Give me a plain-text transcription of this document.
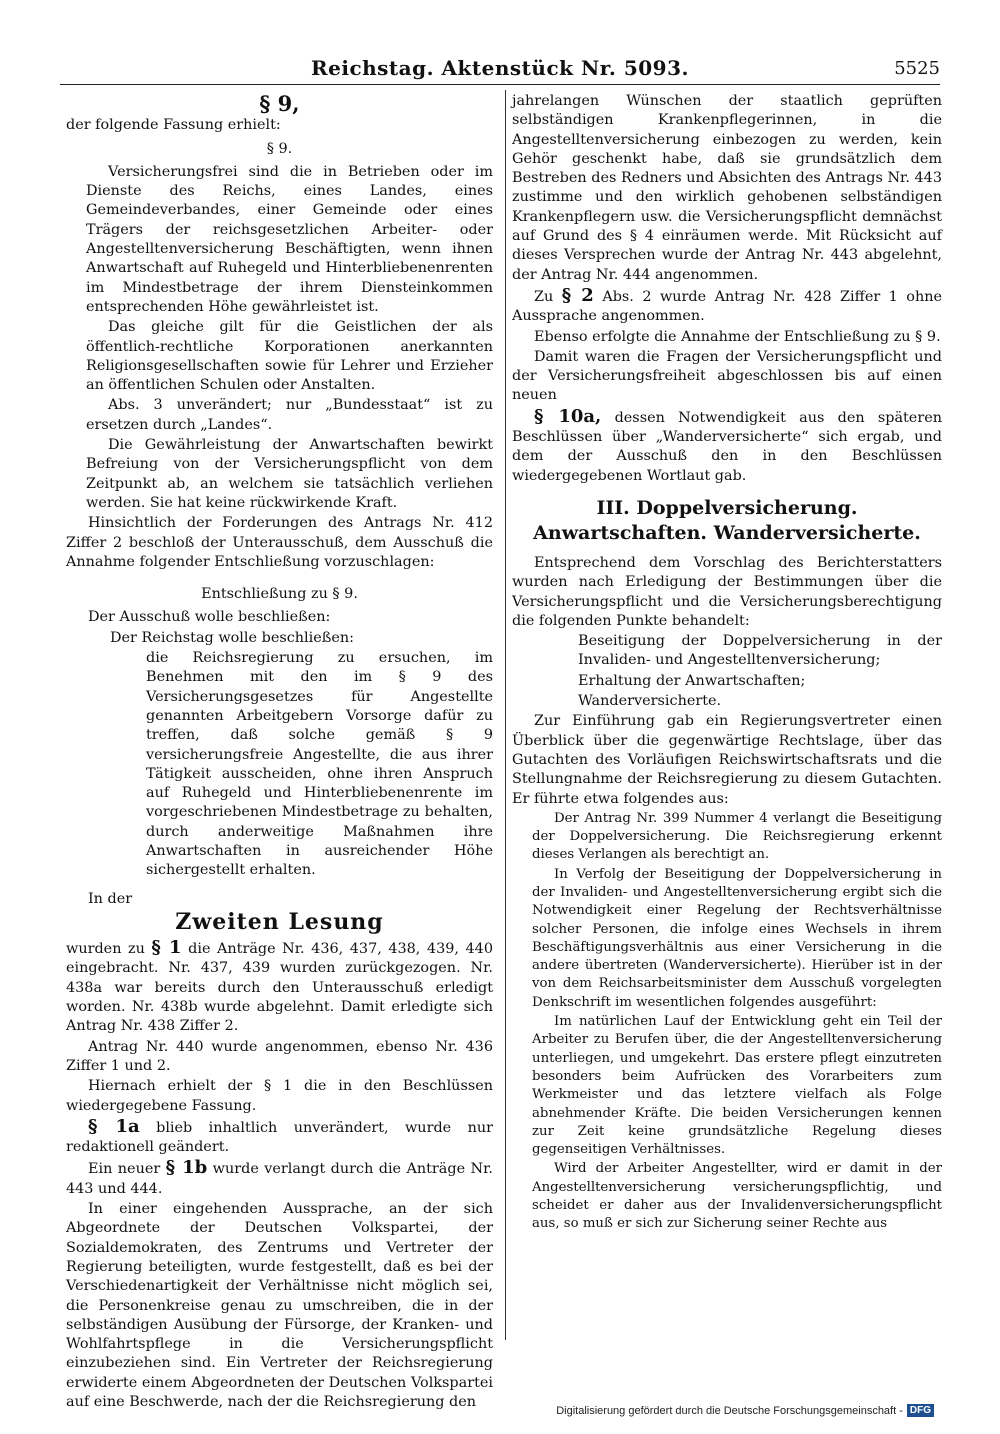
Reichstag. Aktenstück Nr. 5093.	5525

§ 9,

der folgende Fassung erhielt:

§ 9.

Versicherungsfrei sind die in Betrieben oder im Dienste des Reichs, eines Landes, eines Gemeindeverbandes, einer Gemeinde oder eines Trägers der reichsgesetzlichen Arbeiter- oder Angestelltenversicherung Beschäftigten, wenn ihnen Anwartschaft auf Ruhegeld und Hinterbliebenenrenten im Mindestbetrage der ihrem Diensteinkommen entsprechenden Höhe gewährleistet ist.

Das gleiche gilt für die Geistlichen der als öffentlich-rechtliche Korporationen anerkannten Religionsgesellschaften sowie für Lehrer und Erzieher an öffentlichen Schulen oder Anstalten.

Abs. 3 unverändert; nur „Bundesstaat“ ist zu ersetzen durch „Landes“.

Die Gewährleistung der Anwartschaften bewirkt Befreiung von der Versicherungspflicht von dem Zeitpunkt ab, an welchem sie tatsächlich verliehen werden. Sie hat keine rückwirkende Kraft.

Hinsichtlich der Forderungen des Antrags Nr. 412 Ziffer 2 beschloß der Unterausschuß, dem Ausschuß die Annahme folgender Entschließung vorzuschlagen:

Entschließung zu § 9.

Der Ausschuß wolle beschließen:

Der Reichstag wolle beschließen:

die Reichsregierung zu ersuchen, im Benehmen mit den im § 9 des Versicherungsgesetzes für Angestellte genannten Arbeitgebern Vorsorge dafür zu treffen, daß solche gemäß § 9 versicherungsfreie Angestellte, die aus ihrer Tätigkeit ausscheiden, ohne ihren Anspruch auf Ruhegeld und Hinterbliebenenrente im vorgeschriebenen Mindestbetrage zu behalten, durch anderweitige Maßnahmen ihre Anwartschaften in ausreichender Höhe sichergestellt erhalten.

In der

Zweiten Lesung

wurden zu § 1 die Anträge Nr. 436, 437, 438, 439, 440 eingebracht. Nr. 437, 439 wurden zurückgezogen. Nr. 438a war bereits durch den Unterausschuß erledigt worden. Nr. 438b wurde abgelehnt. Damit erledigte sich Antrag Nr. 438 Ziffer 2.

Antrag Nr. 440 wurde angenommen, ebenso Nr. 436 Ziffer 1 und 2.

Hiernach erhielt der § 1 die in den Beschlüssen wiedergegebene Fassung.

§ 1a blieb inhaltlich unverändert, wurde nur redaktionell geändert.

Ein neuer § 1b wurde verlangt durch die Anträge Nr. 443 und 444.

In einer eingehenden Aussprache, an der sich Abgeordnete der Deutschen Volkspartei, der Sozialdemokraten, des Zentrums und Vertreter der Regierung beteiligten, wurde festgestellt, daß es bei der Verschiedenartigkeit der Verhältnisse nicht möglich sei, die Personenkreise genau zu umschreiben, die in der selbständigen Ausübung der Fürsorge, der Kranken- und Wohlfahrtspflege in die Versicherungspflicht einzubeziehen sind. Ein Vertreter der Reichsregierung erwiderte einem Abgeordneten der Deutschen Volkspartei auf eine Beschwerde, nach der die Reichsregierung den

jahrelangen Wünschen der staatlich geprüften selbständigen Krankenpflegerinnen, in die Angestelltenversicherung einbezogen zu werden, kein Gehör geschenkt habe, daß sie grundsätzlich dem Bestreben des Redners und Absichten des Antrags Nr. 443 zustimme und den wirklich gehobenen selbständigen Krankenpflegern usw. die Versicherungspflicht demnächst auf Grund des § 4 einräumen werde. Mit Rücksicht auf dieses Versprechen wurde der Antrag Nr. 443 abgelehnt, der Antrag Nr. 444 angenommen.

Zu § 2 Abs. 2 wurde Antrag Nr. 428 Ziffer 1 ohne Aussprache angenommen.

Ebenso erfolgte die Annahme der Entschließung zu § 9.

Damit waren die Fragen der Versicherungspflicht und der Versicherungsfreiheit abgeschlossen bis auf einen neuen

§ 10a, dessen Notwendigkeit aus den späteren Beschlüssen über „Wanderversicherte“ sich ergab, und dem der Ausschuß den in den Beschlüssen wiedergegebenen Wortlaut gab.

III. Doppelversicherung. Anwartschaften. Wanderversicherte.

Entsprechend dem Vorschlag des Berichterstatters wurden nach Erledigung der Bestimmungen über die Versicherungspflicht und die Versicherungsberechtigung die folgenden Punkte behandelt:

Beseitigung der Doppelversicherung in der Invaliden- und Angestelltenversicherung;

Erhaltung der Anwartschaften;

Wanderversicherte.

Zur Einführung gab ein Regierungsvertreter einen Überblick über die gegenwärtige Rechtslage, über das Gutachten des Vorläufigen Reichswirtschaftsrats und die Stellungnahme der Reichsregierung zu diesem Gutachten. Er führte etwa folgendes aus:

Der Antrag Nr. 399 Nummer 4 verlangt die Beseitigung der Doppelversicherung. Die Reichsregierung erkennt dieses Verlangen als berechtigt an.

In Verfolg der Beseitigung der Doppelversicherung in der Invaliden- und Angestelltenversicherung ergibt sich die Notwendigkeit einer Regelung der Rechtsverhältnisse solcher Personen, die infolge eines Wechsels in ihrem Beschäftigungsverhältnis aus einer Versicherung in die andere übertreten (Wanderversicherte). Hierüber ist in der von dem Reichsarbeitsminister dem Ausschuß vorgelegten Denkschrift im wesentlichen folgendes ausgeführt:

Im natürlichen Lauf der Entwicklung geht ein Teil der Arbeiter zu Berufen über, die der Angestelltenversicherung unterliegen, und umgekehrt. Das erstere pflegt einzutreten besonders beim Aufrücken des Vorarbeiters zum Werkmeister und das letztere vielfach als Folge abnehmender Kräfte. Die beiden Versicherungen kennen zur Zeit keine grundsätzliche Regelung dieses gegenseitigen Verhältnisses.

Wird der Arbeiter Angestellter, wird er damit in der Angestelltenversicherung versicherungspflichtig, und scheidet er daher aus der Invalidenversicherungspflicht aus, so muß er sich zur Sicherung seiner Rechte aus

Digitalisierung gefördert durch die Deutsche Forschungsgemeinschaft - DFG
